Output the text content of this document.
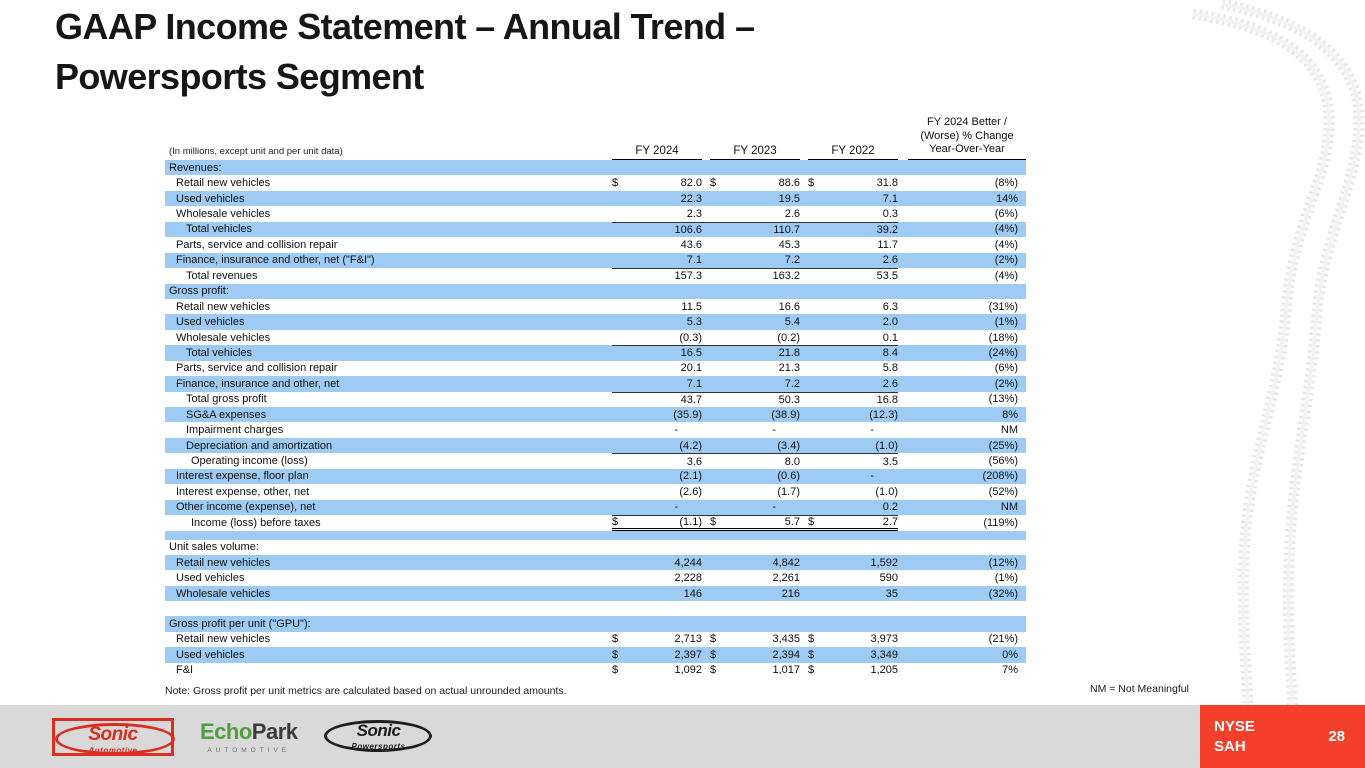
GAAP Income Statement – Annual Trend –
Powersports Segment
(In millions, except unit and per unit data)	FY 2024	FY 2023	FY 2022
FY 2024 Better /
(Worse) % Change
Year-Over-Year
Revenues:
Retail new vehicles	$	82.0 $	88.6 $	31.8	(8%)
Used vehicles	22.3	19.5	7.1	14%
Wholesale vehicles	2.3	2.6	0.3	(6%)
Total vehicles	106.6	110.7	39.2	(4%)
Parts, service and collision repair	43.6	45.3	11.7	(4%)
Finance, insurance and other, net ("F&I")	7.1	7.2	2.6	(2%)
Total revenues	157.3	163.2	53.5	(4%)
Gross profit:
Retail new vehicles	11.5	16.6	6.3	(31%)
Used vehicles	5.3	5.4	2.0	(1%)
Wholesale vehicles	(0.3)	(0.2)	0.1	(18%)
Total vehicles	16.5	21.8	8.4	(24%)
Parts, service and collision repair	20.1	21.3	5.8	(6%)
Finance, insurance and other, net	7.1	7.2	2.6	(2%)
Total gross profit	43.7	50.3	16.8	(13%)
SG&A expenses	(35.9)	(38.9)	(12.3)	8%
Impairment charges	-	-	-	NM
Depreciation and amortization	(4.2)	(3.4)	(1.0)	(25%)
Operating income (loss)	3.6	8.0	3.5	(56%)
Interest expense, floor plan	(2.1)	(0.6)	-	(208%)
Interest expense, other, net	(2.6)	(1.7)	(1.0)	(52%)
Other income (expense), net	-	-	0.2	NM
Income (loss) before taxes	$	(1.1) $	5.7 $	2.7	(119%)
Unit sales volume:
Retail new vehicles	4,244	4,842	1,592	(12%)
Used vehicles	2,228	2,261	590	(1%)
Wholesale vehicles	146	216	35	(32%)
Gross profit per unit ("GPU"):
Retail new vehicles	$	2,713 $	3,435 $	3,973	(21%)
Used vehicles	$	2,397 $	2,394 $	3,349	0%
F&I	$	1,092 $	1,017 $	1,205	7%
Note: Gross profit per unit metrics are calculated based on actual unrounded amounts.	NM = Not Meaningful
Sonic
Automotive
EchoPark
AUTOMOTIVE
Sonic
Powersports
NYSE
SAH
28
